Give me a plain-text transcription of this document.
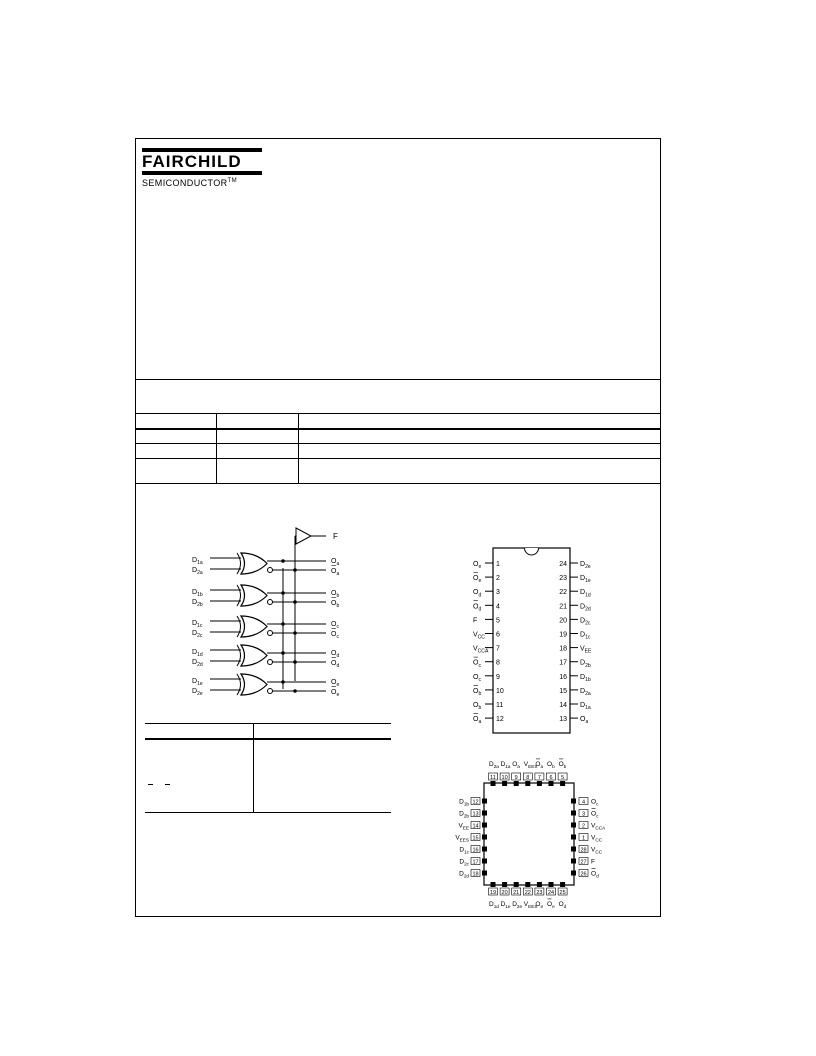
FAIRCHILD
SEMICONDUCTOR™
F
$D_{1a}$
$D_{2a}$
$O_a$
$O_a$
$D_{1b}$
$D_{2b}$
$O_b$
$O_b$
$D_{1c}$
$D_{2c}$
$O_c$
$O_c$
$D_{1d}$
$D_{2d}$
$O_d$
$O_d$
$D_{1e}$
$D_{2e}$
$O_e$
$O_e$
1
$O_e$
2
$O_e$
3
$O_d$
4
$O_d$
5
F
6
$V_{CC}$
7
$V_{CCA}$
8
$O_c$
9
$O_c$
10
$O_b$
11
$O_b$
12
$O_a$
24 $D_{2e}$
23 $D_{1e}$
22 $D_{1d}$
21 $D_{2d}$
20 $D_{2c}$
19 $D_{1c}$
18 $V_{EE}$
17 $D_{2b}$
16 $D_{1b}$
15 $D_{2a}$
14 $D_{1a}$
13 $O_a$
11
$D_{2a}$
10
$D_{1a}$
9
$O_a$
8
$V_{EES}$
7
$O_a$
6
$O_b$
5
$O_b$
19
$D_{1d}$
20
$D_{1e}$
21
$D_{2e}$
22
$V_{EES}$
23
$O_e$
24
$O_e$
25
$O_d$
12
$D_{1b}$
13
$D_{2b}$
14
$V_{EE}$
15
$V_{EES}$
16
$D_{1c}$
17
$D_{2c}$
18
$D_{2d}$
4 $O_c$
3 $O_c$
2 $V_{CCA}$
1 $V_{CC}$
28 $V_{CC}$
27 F
26 $O_d$
